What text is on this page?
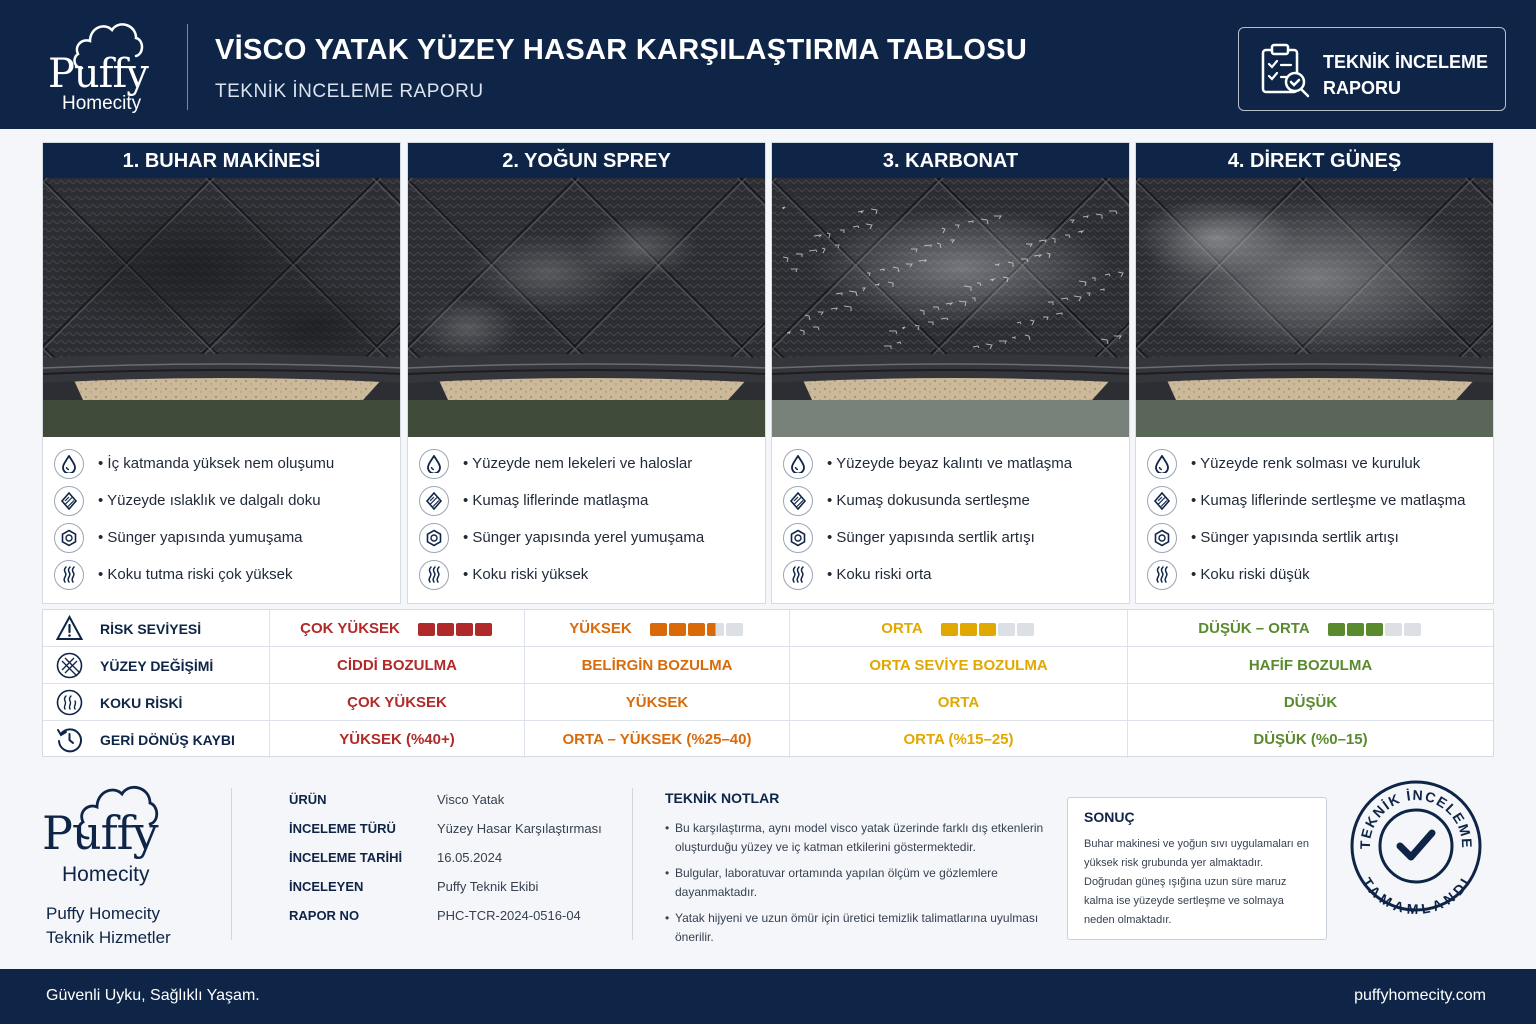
Puffy
Homecity
VİSCO YATAK YÜZEY HASAR KARŞILAŞTIRMA TABLOSU
TEKNİK İNCELEME RAPORU
TEKNİK İNCELEME
RAPORU
1. BUHAR MAKİNESİ
• İç katmanda yüksek nem oluşumu
• Yüzeyde ıslaklık ve dalgalı doku
• Sünger yapısında yumuşama
• Koku tutma riski çok yüksek
2. YOĞUN SPREY
• Yüzeyde nem lekeleri ve haloslar
• Kumaş liflerinde matlaşma
• Sünger yapısında yerel yumuşama
• Koku riski yüksek
3. KARBONAT
• Yüzeyde beyaz kalıntı ve matlaşma
• Kumaş dokusunda sertleşme
• Sünger yapısında sertlik artışı
• Koku riski orta
4. DİREKT GÜNEŞ
• Yüzeyde renk solması ve kuruluk
• Kumaş liflerinde sertleşme ve matlaşma
• Sünger yapısında sertlik artışı
• Koku riski düşük
RİSK SEVİYESİ	ÇOK YÜKSEK	YÜKSEK	ORTA	DÜŞÜK – ORTA
YÜZEY DEĞİŞİMİ	CİDDİ BOZULMA	BELİRGİN BOZULMA	ORTA SEVİYE BOZULMA	HAFİF BOZULMA
KOKU RİSKİ	ÇOK YÜKSEK	YÜKSEK	ORTA	DÜŞÜK
GERİ DÖNÜŞ KAYBI	YÜKSEK (%40+)	ORTA – YÜKSEK (%25–40)	ORTA (%15–25)	DÜŞÜK (%0–15)
Puffy
Homecity
Puffy Homecity
Teknik Hizmetler
ÜRÜN	Visco Yatak
İNCELEME TÜRÜ	Yüzey Hasar Karşılaştırması
İNCELEME TARİHİ	16.05.2024
İNCELEYEN	Puffy Teknik Ekibi
RAPOR NO	PHC-TCR-2024-0516-04
TEKNİK NOTLAR
• Bu karşılaştırma, aynı model visco yatak üzerinde farklı dış etkenlerin oluşturduğu yüzey ve iç katman etkilerini göstermektedir.
• Bulgular, laboratuvar ortamında yapılan ölçüm ve gözlemlere dayanmaktadır.
• Yatak hijyeni ve uzun ömür için üretici temizlik talimatlarına uyulması önerilir.
SONUÇ
Buhar makinesi ve yoğun sıvı uygulamaları en yüksek risk grubunda yer almaktadır. Doğrudan güneş ışığına uzun süre maruz kalma ise yüzeyde sertleşme ve solmaya neden olmaktadır.
TEKNİK İNCELEME
TAMAMLANDI
Güvenli Uyku, Sağlıklı Yaşam.	puffyhomecity.com
